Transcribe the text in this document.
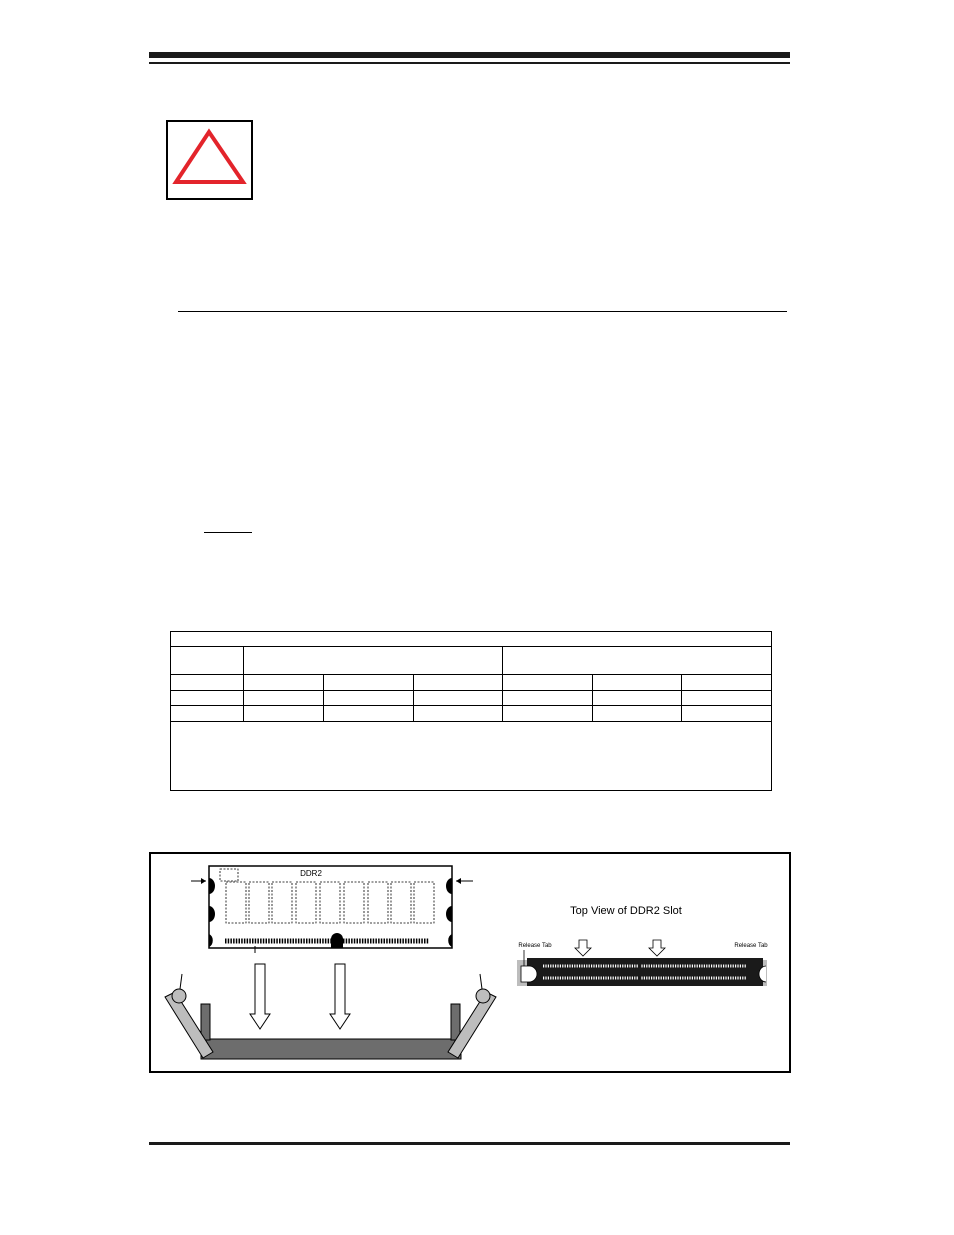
DDR2
Top View of DDR2 Slot
Release Tab	Release Tab
